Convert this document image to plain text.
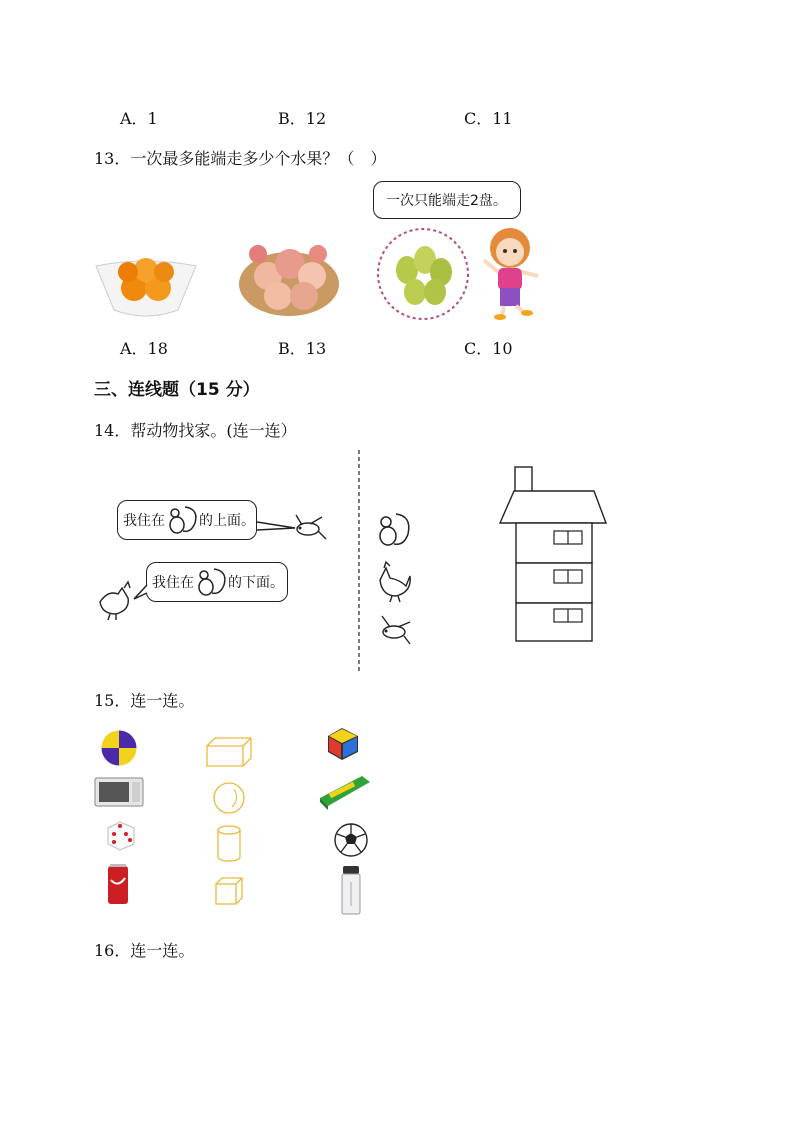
A．1	B．12	C．11
13．一次最多能端走多少个水果？（　）
一次只能端走2盘。
A．18	B．13	C．10
三、连线题（15 分）
14．帮动物找家。(连一连）
我住在 的上面。
我住在 的下面。
15．连一连。
16．连一连。
